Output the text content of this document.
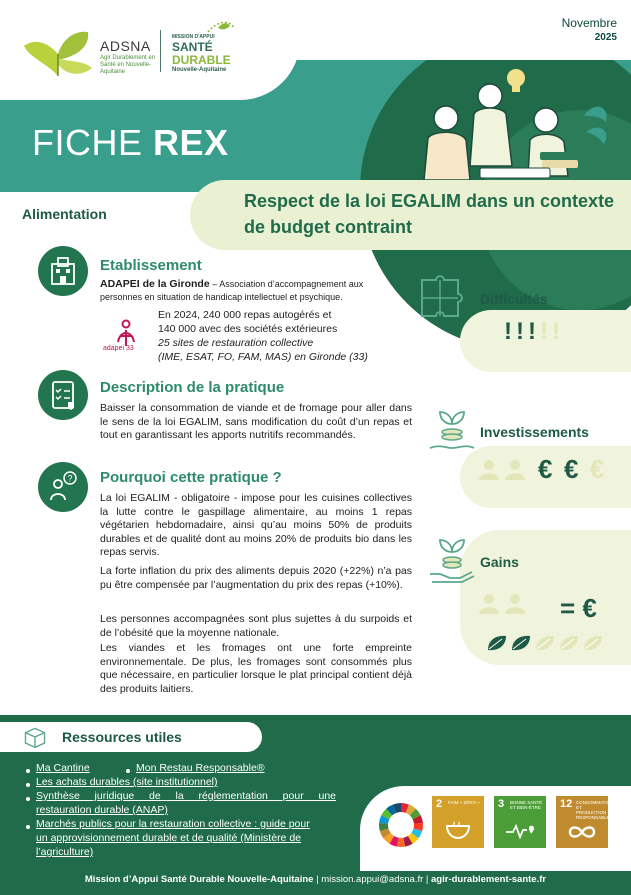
Novembre
2025
ADSNA
Agir Durablement en Santé en Nouvelle-Aquitaine
MISSION D'APPUI
SANTÉ
DURABLE
Nouvelle-Aquitaine
FICHE REX
Alimentation
Respect de la loi EGALIM dans un contexte de budget contraint
Etablissement
ADAPEI de la Gironde – Association d’accompagnement aux personnes en situation de handicap intellectuel et psychique.
adapei 33
En 2024, 240 000 repas autogérés et
140 000 avec des sociétés extérieures
25 sites de restauration collective
(IME, ESAT, FO, FAM, MAS) en Gironde (33)
Description de la pratique
Baisser la consommation de viande et de fromage pour aller dans le sens de la loi EGALIM, sans modification du coût d’un repas et tout en garantissant les apports nutritifs recommandés.
? Pourquoi cette pratique ?
La loi EGALIM - obligatoire - impose pour les cuisines collectives la lutte contre le gaspillage alimentaire, au moins 1 repas végétarien hebdomadaire, ainsi qu’au moins 50% de produits durables et de qualité dont au moins 20% de produits bio dans les repas servis.
La forte inflation du prix des aliments depuis 2020 (+22%) n’a pas pu être compensée par l’augmentation du prix des repas (+10%).
Les personnes accompagnées sont plus sujettes à du surpoids et de l’obésité que la moyenne nationale.
Les viandes et les fromages ont une forte empreinte environnementale. De plus, les fromages sont consommés plus que nécessaire, en particulier lorsque le plat principal contient déjà des produits laitiers.
Difficultés
Investissements
Gains
= €
Ressources utiles
Ma Cantine	Mon Restau Responsable®
Les achats durables (site institutionnel)
Synthèse juridique de la réglementation pour une
restauration durable (ANAP)
Marchés publics pour la restauration collective : guide pour
un approvisionnement durable et de qualité (Ministère de
l’agriculture)
Mission d’Appui Santé Durable Nouvelle-Aquitaine | mission.appui@adsna.fr | agir-durablement-sante.fr
! ! ! ! !
€ € €
2 FAIM « ZÉRO » 3 BONNE SANTÉ ET BIEN-ÊTRE 12 CONSOMMATION ET PRODUCTION RESPONSABLES
